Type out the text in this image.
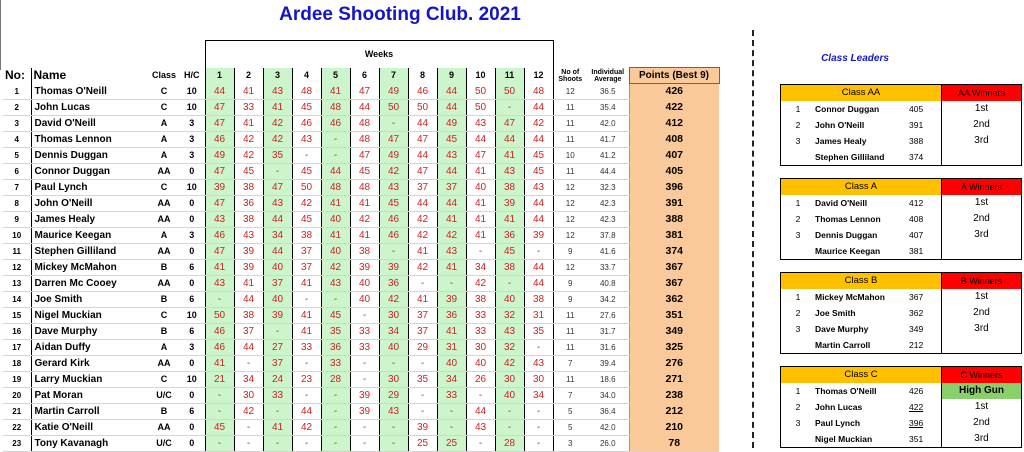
Ardee Shooting Club. 2021
				Weeks														
No:	Name	Class	H/C	1	2	3	4	5	6	7	8	9	10	11	12	No of Shoots	Individual Average	Points (Best 9)
1	Thomas O'Neill	C	10	44	41	43	48	41	47	49	46	44	50	50	48	12	36.5	426
2	John Lucas	C	10	47	33	41	45	48	44	50	50	44	50	-	44	11	35.4	422
3	David O'Neill	A	3	47	41	42	46	46	48	-	44	49	43	47	42	11	42.0	412
4	Thomas Lennon	A	3	46	42	42	43	-	48	47	47	45	44	44	44	11	41.7	408
5	Dennis Duggan	A	3	49	42	35	-	-	47	49	44	43	47	41	45	10	41.2	407
6	Connor Duggan	AA	0	47	45	-	45	44	45	42	47	44	41	43	45	11	44.4	405
7	Paul Lynch	C	10	39	38	47	50	48	48	43	37	37	40	38	43	12	32.3	396
8	John O'Neill	AA	0	47	36	43	42	41	41	45	44	44	41	39	44	12	42.3	391
9	James Healy	AA	0	43	38	44	45	40	42	46	42	41	41	41	44	12	42.3	388
10	Maurice Keegan	A	3	46	43	34	38	41	41	46	42	42	41	36	39	12	37.8	381
11	Stephen Gilliland	AA	0	47	39	44	37	40	38	-	41	43	-	45	-	9	41.6	374
12	Mickey McMahon	B	6	41	39	40	37	42	39	39	42	41	34	38	44	12	33.7	367
13	Darren Mc Cooey	AA	0	43	41	37	41	43	40	36	-	-	42	-	44	9	40.8	367
14	Joe Smith	B	6	-	44	40	-	-	40	42	41	39	38	40	38	9	34.2	362
15	Nigel Muckian	C	10	50	38	39	41	45	-	30	37	36	33	32	31	11	27.6	351
16	Dave Murphy	B	6	46	37	-	41	35	33	34	37	41	33	43	35	11	31.7	349
17	Aidan Duffy	A	3	46	44	27	33	36	33	40	29	31	30	32	-	11	31.6	325
18	Gerard Kirk	AA	0	41	-	37	-	33	-	-	-	40	40	42	43	7	39.4	276
19	Larry Muckian	C	10	21	34	24	23	28	-	30	35	34	26	30	30	11	18.6	271
20	Pat Moran	U/C	0	-	30	33	-	-	39	29	-	33	-	40	34	7	34.0	238
21	Martin Carroll	B	6	-	42	-	44	-	39	43	-	-	44	-	-	5	36.4	212
22	Katie O'Neill	AA	0	45	-	41	42	-	-	-	39	-	43	-	-	5	42.0	210
23	Tony Kavanagh	U/C	0	-	-	-	-	-	-	-	25	25	-	28	-	3	26.0	78
Class Leaders
Class AA	AA Winners
1	Connor Duggan	405	1st
2	John O'Neill	391	2nd
3	James Healy	388	3rd
Stephen Gilliland	374
Class A	A Winners
1	David O'Neill	412	1st
2	Thomas Lennon	408	2nd
3	Dennis Duggan	407	3rd
Maurice Keegan	381
Class B	B Winners
1	Mickey McMahon	367	1st
2	Joe Smith	362	2nd
3	Dave Murphy	349	3rd
Martin Carroll	212
Class C	C Winners
1	Thomas O'Neill	426	High Gun
2	John Lucas	422	1st
3	Paul Lynch	396	2nd
Nigel Muckian	351	3rd
